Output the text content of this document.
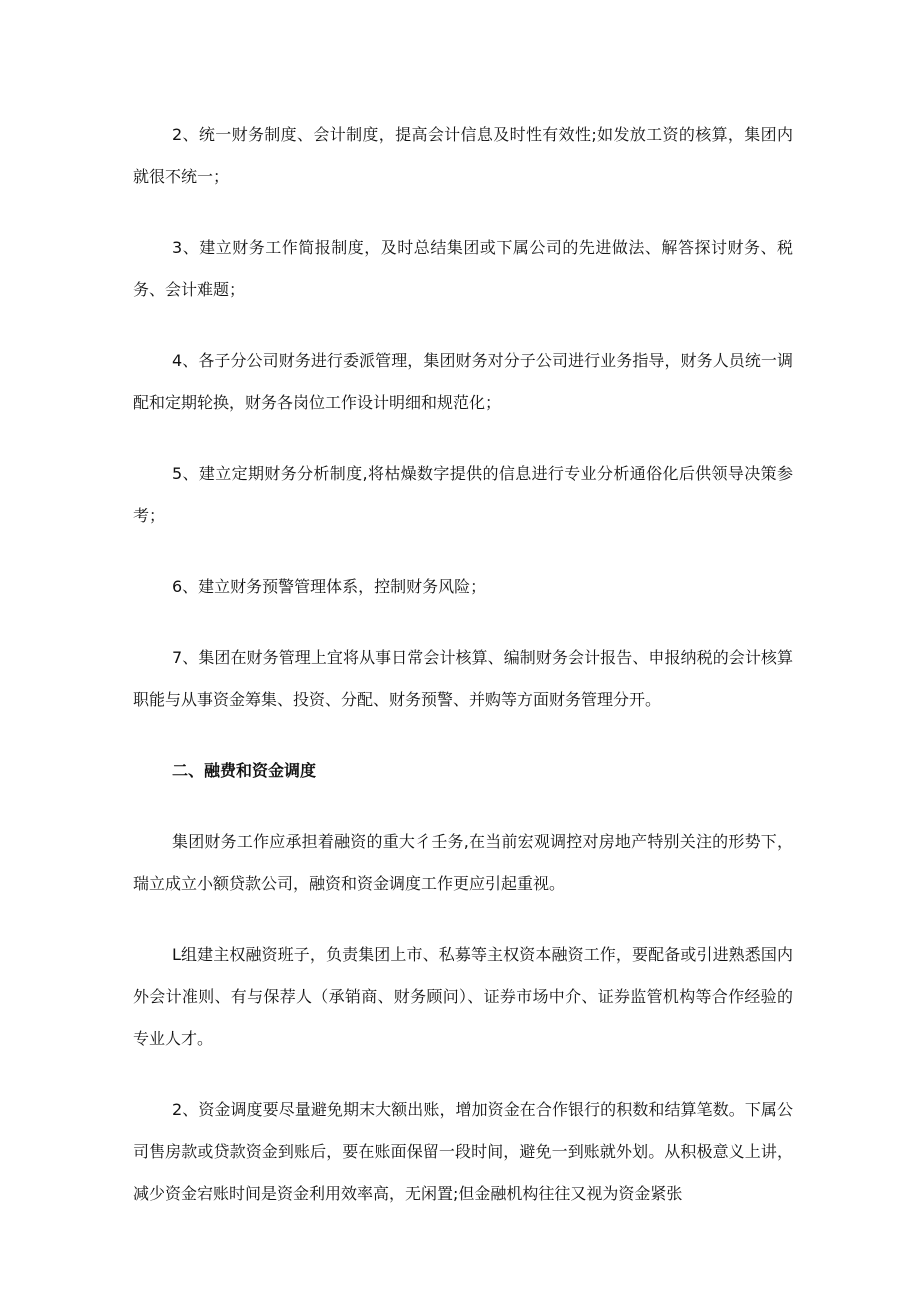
2、统一财务制度、会计制度，提高会计信息及时性有效性;如发放工资的核算，集团内就很不统一；

3、建立财务工作简报制度，及时总结集团或下属公司的先进做法、解答探讨财务、税务、会计难题；

4、各子分公司财务进行委派管理，集团财务对分子公司进行业务指导，财务人员统一调配和定期轮换，财务各岗位工作设计明细和规范化；

5、建立定期财务分析制度,将枯燥数字提供的信息进行专业分析通俗化后供领导决策参考；

6、建立财务预警管理体系，控制财务风险；

7、集团在财务管理上宜将从事日常会计核算、编制财务会计报告、申报纳税的会计核算职能与从事资金筹集、投资、分配、财务预警、并购等方面财务管理分开。

二、融费和资金调度

集团财务工作应承担着融资的重大彳壬务,在当前宏观调控对房地产特别关注的形势下，瑞立成立小额贷款公司，融资和资金调度工作更应引起重视。

L组建主权融资班子，负责集团上市、私募等主权资本融资工作，要配备或引进熟悉国内外会计准则、有与保荐人（承销商、财务顾问）、证券市场中介、证券监管机构等合作经验的专业人才。

2、资金调度要尽量避免期末大额出账，增加资金在合作银行的积数和结算笔数。下属公司售房款或贷款资金到账后，要在账面保留一段时间，避免一到账就外划。从积极意义上讲，减少资金宕账时间是资金利用效率高，无闲置;但金融机构往往又视为资金紧张
